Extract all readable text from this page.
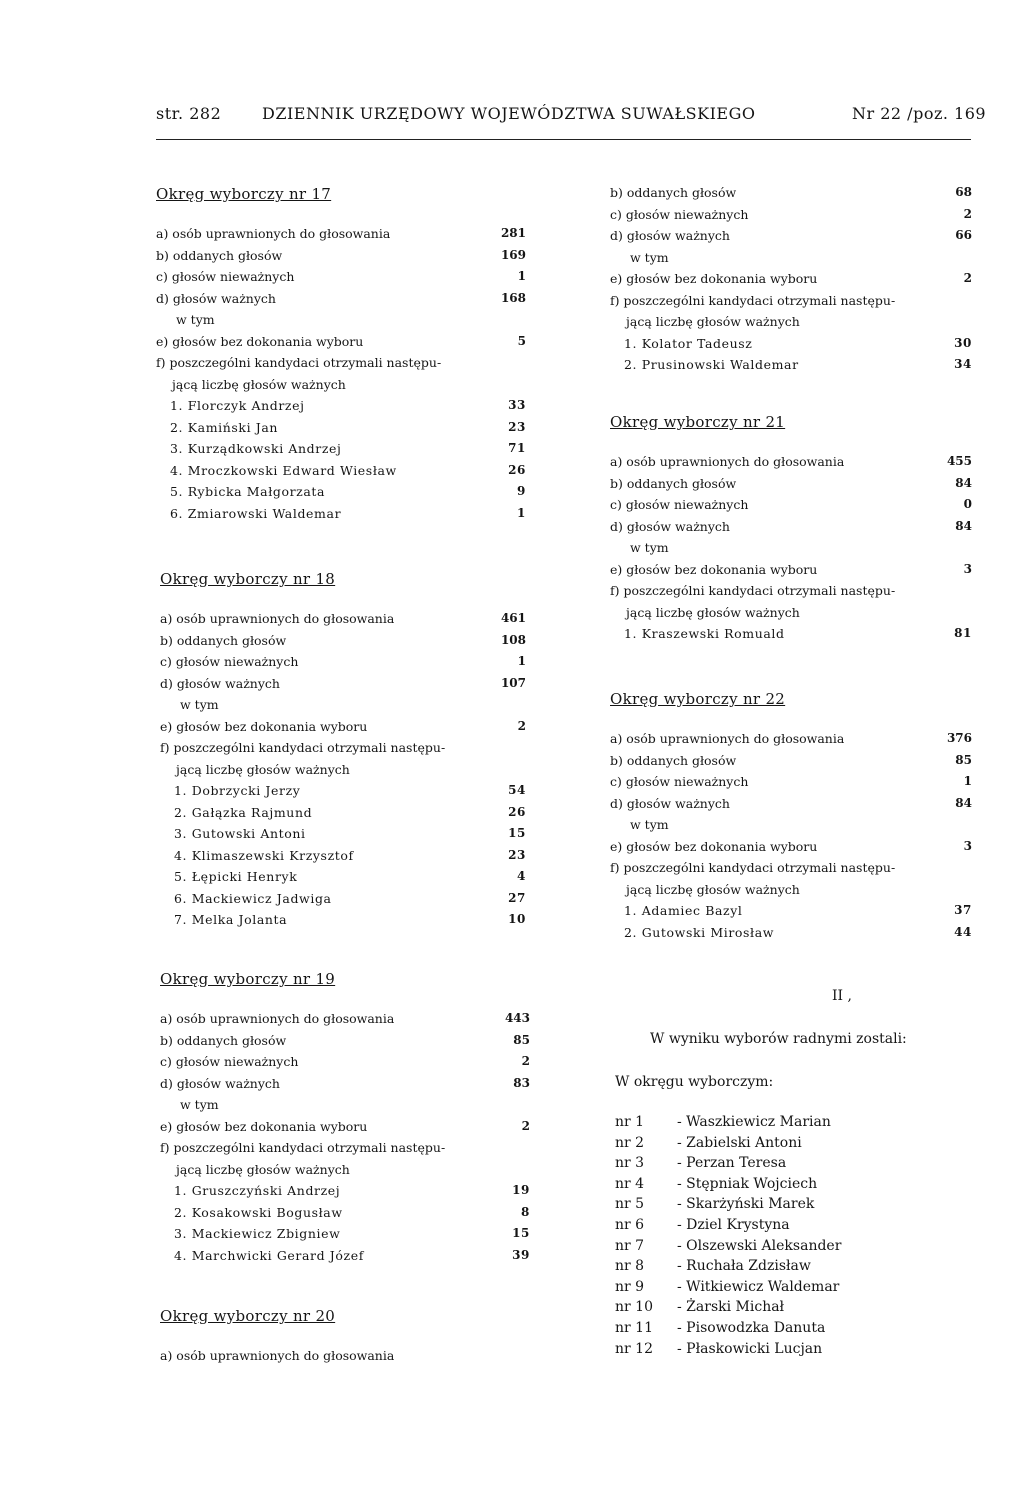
str. 282	DZIENNIK URZĘDOWY WOJEWÓDZTWA SUWAŁSKIEGO	Nr 22 /poz. 169
Okręg wyborczy nr 17
a) osób uprawnionych do głosowania	281
b) oddanych głosów	169
c) głosów nieważnych	1
d) głosów ważnych	168
w tym
e) głosów bez dokonania wyboru	5
f) poszczególni kandydaci otrzymali następu-
jącą liczbę głosów ważnych
1. Florczyk Andrzej	33
2. Kamiński Jan	23
3. Kurządkowski Andrzej	71
4. Mroczkowski Edward Wiesław	26
5. Rybicka Małgorzata	9
6. Zmiarowski Waldemar	1
Okręg wyborczy nr 18
a) osób uprawnionych do głosowania	461
b) oddanych głosów	108
c) głosów nieważnych	1
d) głosów ważnych	107
w tym
e) głosów bez dokonania wyboru	2
f) poszczególni kandydaci otrzymali następu-
jącą liczbę głosów ważnych
1. Dobrzycki Jerzy	54
2. Gałązka Rajmund	26
3. Gutowski Antoni	15
4. Klimaszewski Krzysztof	23
5. Łępicki Henryk	4
6. Mackiewicz Jadwiga	27
7. Melka Jolanta	10
Okręg wyborczy nr 19
a) osób uprawnionych do głosowania	443
b) oddanych głosów	85
c) głosów nieważnych	2
d) głosów ważnych	83
w tym
e) głosów bez dokonania wyboru	2
f) poszczególni kandydaci otrzymali następu-
jącą liczbę głosów ważnych
1. Gruszczyński Andrzej	19
2. Kosakowski Bogusław	8
3. Mackiewicz Zbigniew	15
4. Marchwicki Gerard Józef	39
Okręg wyborczy nr 20
a) osób uprawnionych do głosowania
b) oddanych głosów	68
c) głosów nieważnych	2
d) głosów ważnych	66
w tym
e) głosów bez dokonania wyboru	2
f) poszczególni kandydaci otrzymali następu-
jącą liczbę głosów ważnych
1. Kolator Tadeusz	30
2. Prusinowski Waldemar	34
Okręg wyborczy nr 21
a) osób uprawnionych do głosowania	455
b) oddanych głosów	84
c) głosów nieważnych	0
d) głosów ważnych	84
w tym
e) głosów bez dokonania wyboru	3
f) poszczególni kandydaci otrzymali następu-
jącą liczbę głosów ważnych
1. Kraszewski Romuald	81
Okręg wyborczy nr 22
a) osób uprawnionych do głosowania	376
b) oddanych głosów	85
c) głosów nieważnych	1
d) głosów ważnych	84
w tym
e) głosów bez dokonania wyboru	3
f) poszczególni kandydaci otrzymali następu-
jącą liczbę głosów ważnych
1. Adamiec Bazyl	37
2. Gutowski Mirosław	44
II ,
W wyniku wyborów radnymi zostali:
W okręgu wyborczym:
nr 1 - Waszkiewicz Marian
nr 2 - Zabielski Antoni
nr 3 - Perzan Teresa
nr 4 - Stępniak Wojciech
nr 5 - Skarżyński Marek
nr 6 - Dziel Krystyna
nr 7 - Olszewski Aleksander
nr 8 - Ruchała Zdzisław
nr 9 - Witkiewicz Waldemar
nr 10 - Żarski Michał
nr 11 - Pisowodzka Danuta
nr 12 - Płaskowicki Lucjan
